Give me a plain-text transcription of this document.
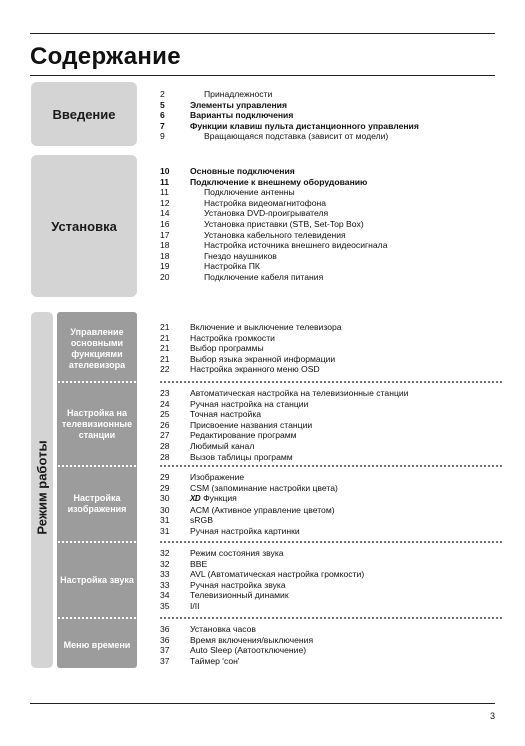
Содержание
Введение
2	Принадлежности
5	Элементы управления
6	Варианты подключения
7	Функции клавиш пульта дистанционного управления
9	Вращающаяся подставка (зависит от модели)
Установка
10	Основные подключения
11	Подключение к внешнему оборудованию
11	Подключение антенны
12	Настройка видеомагнитофона
14	Установка DVD-проигрывателя
16	Установка приставки (STB, Set-Top Box)
17	Установка кабельного телевидения
18	Настройка источника внешнего видеосигнала
18	Гнездо наушников
19	Настройка ПК
20	Подключение кабеля питания
Режим работы
Управление основными функциями ателевизора
21	Включение и выключение телевизора
21	Настройка громкости
21	Выбор программы
21	Выбор языка экранной информации
22	Настройка экранного меню OSD
Настройка на телевизионные станции
23	Автоматическая настройка на телевизионные станции
24	Ручная настройка на станции
25	Точная настройка
26	Присвоение названия станции
27	Редактирование программ
28	Любимый канал
28	Вызов таблицы программ
Настройка изображения
29	Изображение
29	CSM (запоминание настройки цвета)
30	XD Функция
30	ACM (Активное управление цветом)
31	sRGB
31	Ручная настройка картинки
Настройка звука
32	Режим состояния звука
32	BBE
33	AVL (Автоматическая настройка громкости)
33	Ручная настройка звука
34	Телевизионный динамик
35	I/II
Меню времени
36	Установка часов
36	Время включения/выключения
37	Auto Sleep (Автоотключение)
37	Таймер 'сон'
3
